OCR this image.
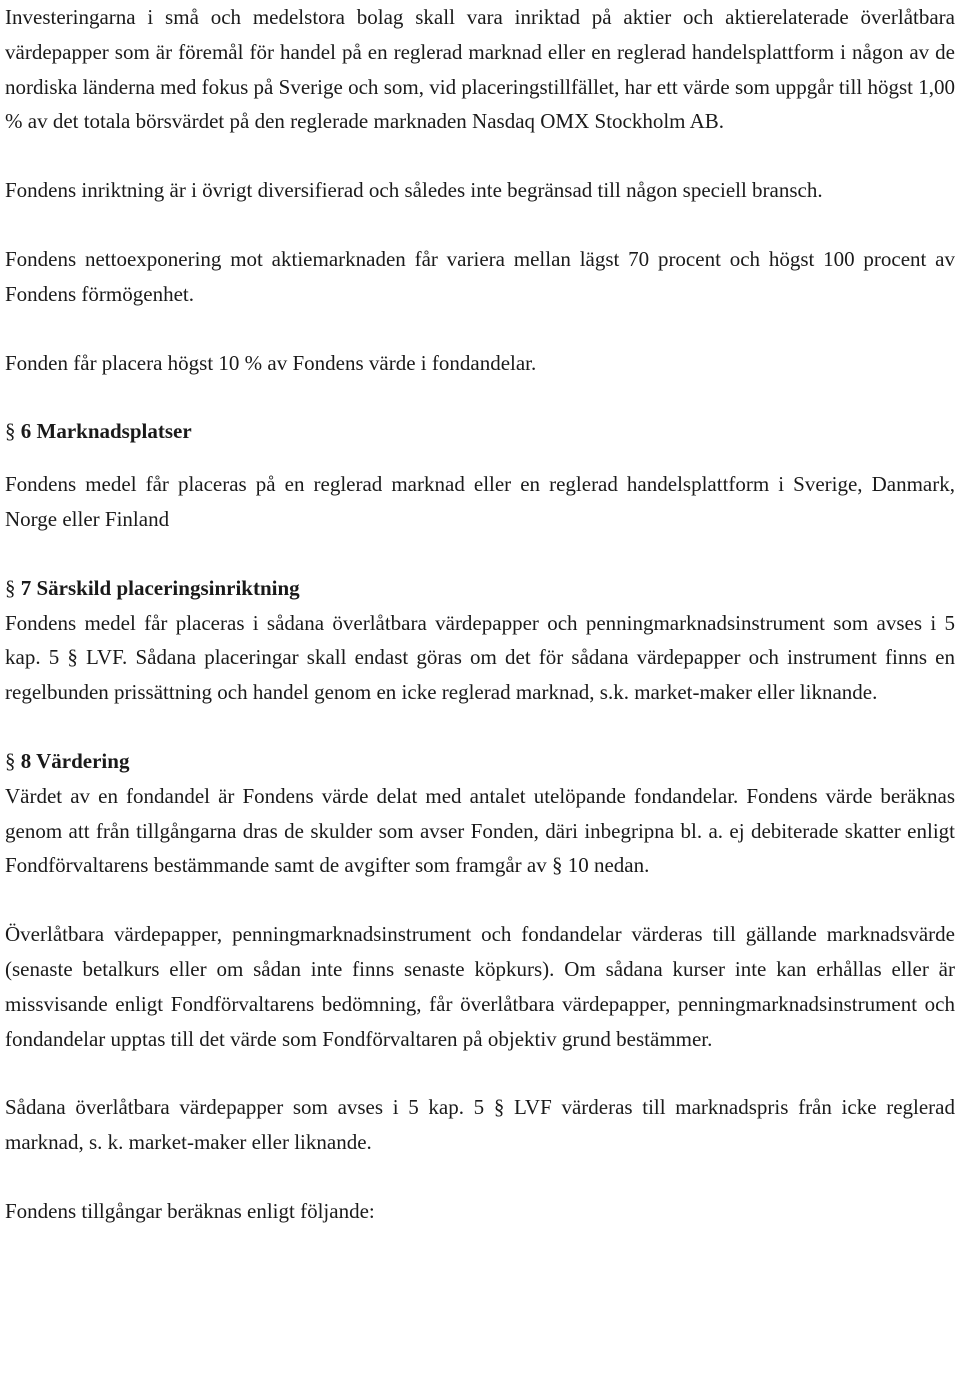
Investeringarna i små och medelstora bolag skall vara inriktad på aktier och aktierelaterade överlåtbara värdepapper som är föremål för handel på en reglerad marknad eller en reglerad handelsplattform i någon av de nordiska länderna med fokus på Sverige och som, vid placeringstillfället, har ett värde som uppgår till högst 1,00 % av det totala börsvärdet på den reglerade marknaden Nasdaq OMX Stockholm AB.

Fondens inriktning är i övrigt diversifierad och således inte begränsad till någon speciell bransch.

Fondens nettoexponering mot aktiemarknaden får variera mellan lägst 70 procent och högst 100 procent av Fondens förmögenhet.

Fonden får placera högst 10 % av Fondens värde i fondandelar.

§ 6 Marknadsplatser

Fondens medel får placeras på en reglerad marknad eller en reglerad handelsplattform i Sverige, Danmark, Norge eller Finland

§ 7 Särskild placeringsinriktning

Fondens medel får placeras i sådana överlåtbara värdepapper och penningmarknadsinstrument som avses i 5 kap. 5 § LVF. Sådana placeringar skall endast göras om det för sådana värdepapper och instrument finns en regelbunden prissättning och handel genom en icke reglerad marknad, s.k. market-maker eller liknande.

§ 8 Värdering

Värdet av en fondandel är Fondens värde delat med antalet utelöpande fondandelar. Fondens värde beräknas genom att från tillgångarna dras de skulder som avser Fonden, däri inbegripna bl. a. ej debiterade skatter enligt Fondförvaltarens bestämmande samt de avgifter som framgår av § 10 nedan.

Överlåtbara värdepapper, penningmarknadsinstrument och fondandelar värderas till gällande marknadsvärde (senaste betalkurs eller om sådan inte finns senaste köpkurs). Om sådana kurser inte kan erhållas eller är missvisande enligt Fondförvaltarens bedömning, får överlåtbara värdepapper, penningmarknadsinstrument och fondandelar upptas till det värde som Fondförvaltaren på objektiv grund bestämmer.

Sådana överlåtbara värdepapper som avses i 5 kap. 5 § LVF värderas till marknadspris från icke reglerad marknad, s. k. market-maker eller liknande.

Fondens tillgångar beräknas enligt följande:
